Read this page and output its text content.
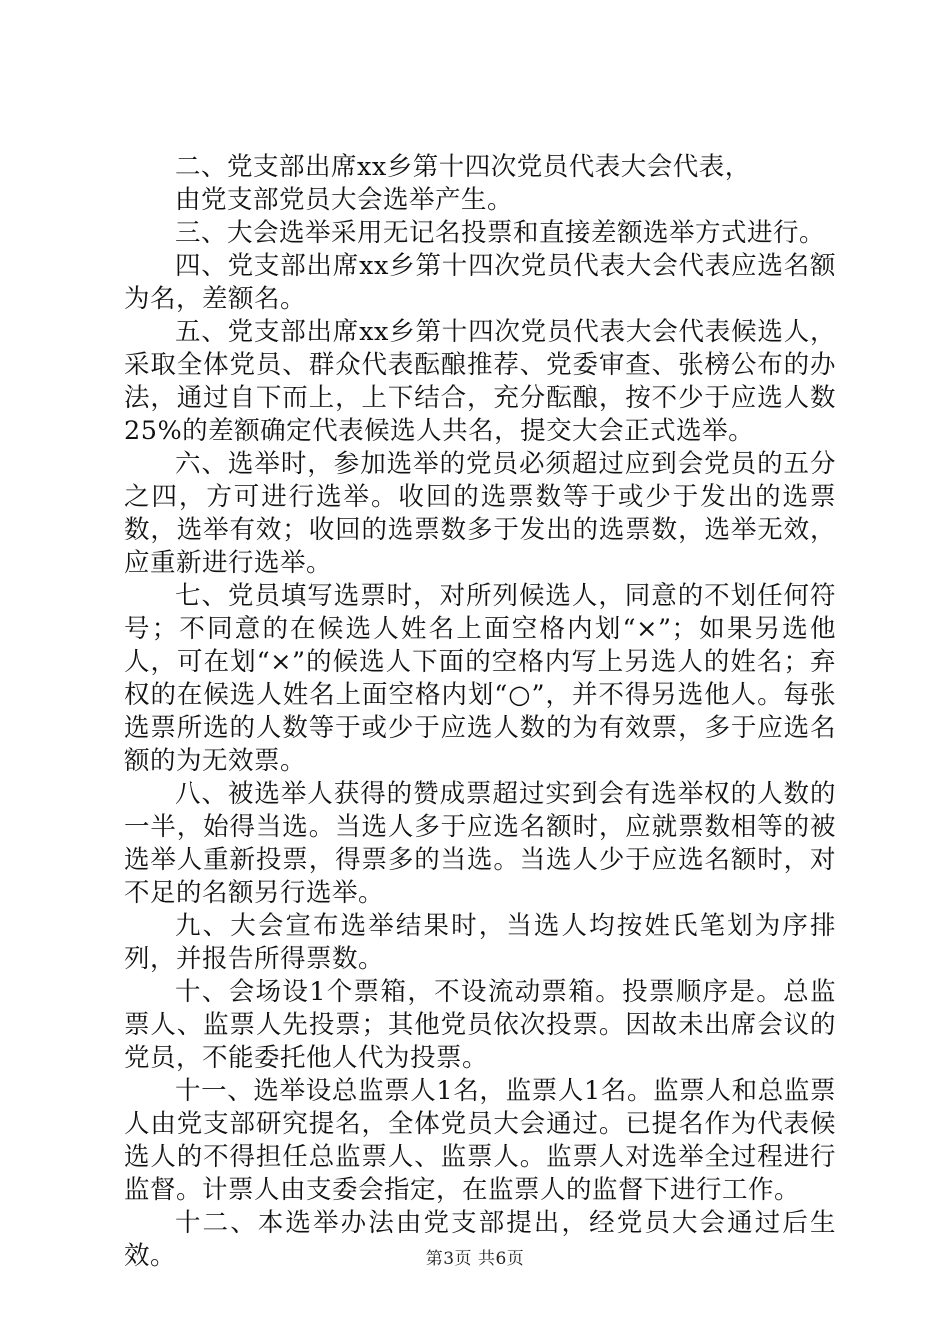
二、党支部出席xx乡第十四次党员代表大会代表，

由党支部党员大会选举产生。

三、大会选举采用无记名投票和直接差额选举方式进行。

四、党支部出席xx乡第十四次党员代表大会代表应选名额为名，差额名。

五、党支部出席xx乡第十四次党员代表大会代表候选人，采取全体党员、群众代表酝酿推荐、党委审查、张榜公布的办法，通过自下而上，上下结合，充分酝酿，按不少于应选人数25%的差额确定代表候选人共名，提交大会正式选举。

六、选举时，参加选举的党员必须超过应到会党员的五分之四，方可进行选举。收回的选票数等于或少于发出的选票数，选举有效；收回的选票数多于发出的选票数，选举无效，应重新进行选举。

七、党员填写选票时，对所列候选人，同意的不划任何符号；不同意的在候选人姓名上面空格内划“×”；如果另选他人，可在划“×”的候选人下面的空格内写上另选人的姓名；弃权的在候选人姓名上面空格内划“○”，并不得另选他人。每张选票所选的人数等于或少于应选人数的为有效票，多于应选名额的为无效票。

八、被选举人获得的赞成票超过实到会有选举权的人数的一半，始得当选。当选人多于应选名额时，应就票数相等的被选举人重新投票，得票多的当选。当选人少于应选名额时，对不足的名额另行选举。

九、大会宣布选举结果时，当选人均按姓氏笔划为序排列，并报告所得票数。

十、会场设1个票箱，不设流动票箱。投票顺序是。总监票人、监票人先投票；其他党员依次投票。因故未出席会议的党员，不能委托他人代为投票。

十一、选举设总监票人1名，监票人1名。监票人和总监票人由党支部研究提名，全体党员大会通过。已提名作为代表候选人的不得担任总监票人、监票人。监票人对选举全过程进行监督。计票人由支委会指定，在监票人的监督下进行工作。

十二、本选举办法由党支部提出，经党员大会通过后生效。	第3页 共6页
